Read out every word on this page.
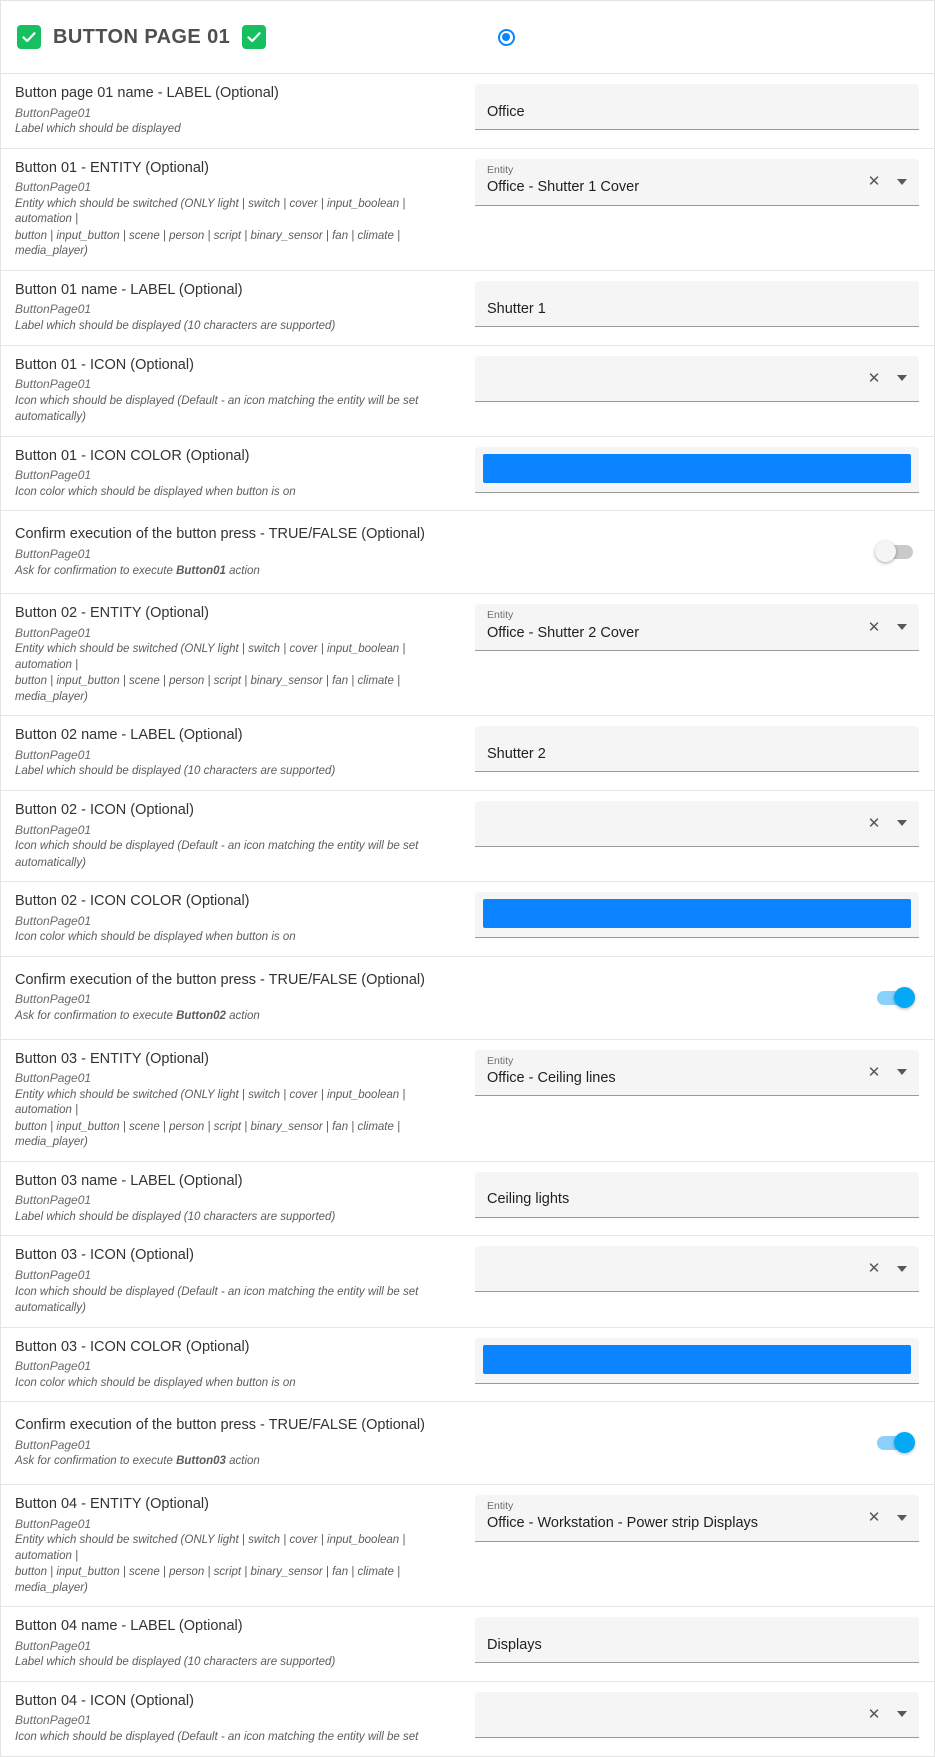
BUTTON PAGE 01
Button page 01 name - LABEL (Optional)
ButtonPage01
Label which should be displayed
Office
Button 01 - ENTITY (Optional)
ButtonPage01
Entity which should be switched (ONLY light | switch | cover | input_boolean | automation |
button | input_button | scene | person | script | binary_sensor | fan | climate | media_player)
Entity
Office - Shutter 1 Cover	✕
Button 01 name - LABEL (Optional)
ButtonPage01
Label which should be displayed (10 characters are supported)
Shutter 1
Button 01 - ICON (Optional)
ButtonPage01
Icon which should be displayed (Default - an icon matching the entity will be set
automatically)

✕
Button 01 - ICON COLOR (Optional)
ButtonPage01
Icon color which should be displayed when button is on
Confirm execution of the button press - TRUE/FALSE (Optional)
ButtonPage01
Ask for confirmation to execute Button01 action
Button 02 - ENTITY (Optional)
ButtonPage01
Entity which should be switched (ONLY light | switch | cover | input_boolean | automation |
button | input_button | scene | person | script | binary_sensor | fan | climate | media_player)
Entity
Office - Shutter 2 Cover	✕
Button 02 name - LABEL (Optional)
ButtonPage01
Label which should be displayed (10 characters are supported)
Shutter 2
Button 02 - ICON (Optional)
ButtonPage01
Icon which should be displayed (Default - an icon matching the entity will be set
automatically)

✕
Button 02 - ICON COLOR (Optional)
ButtonPage01
Icon color which should be displayed when button is on
Confirm execution of the button press - TRUE/FALSE (Optional)
ButtonPage01
Ask for confirmation to execute Button02 action
Button 03 - ENTITY (Optional)
ButtonPage01
Entity which should be switched (ONLY light | switch | cover | input_boolean | automation |
button | input_button | scene | person | script | binary_sensor | fan | climate | media_player)
Entity
Office - Ceiling lines	✕
Button 03 name - LABEL (Optional)
ButtonPage01
Label which should be displayed (10 characters are supported)
Ceiling lights
Button 03 - ICON (Optional)
ButtonPage01
Icon which should be displayed (Default - an icon matching the entity will be set
automatically)

✕
Button 03 - ICON COLOR (Optional)
ButtonPage01
Icon color which should be displayed when button is on
Confirm execution of the button press - TRUE/FALSE (Optional)
ButtonPage01
Ask for confirmation to execute Button03 action
Button 04 - ENTITY (Optional)
ButtonPage01
Entity which should be switched (ONLY light | switch | cover | input_boolean | automation |
button | input_button | scene | person | script | binary_sensor | fan | climate | media_player)
Entity
Office - Workstation - Power strip Displays	✕
Button 04 name - LABEL (Optional)
ButtonPage01
Label which should be displayed (10 characters are supported)
Displays
Button 04 - ICON (Optional)
ButtonPage01
Icon which should be displayed (Default - an icon matching the entity will be set

✕
